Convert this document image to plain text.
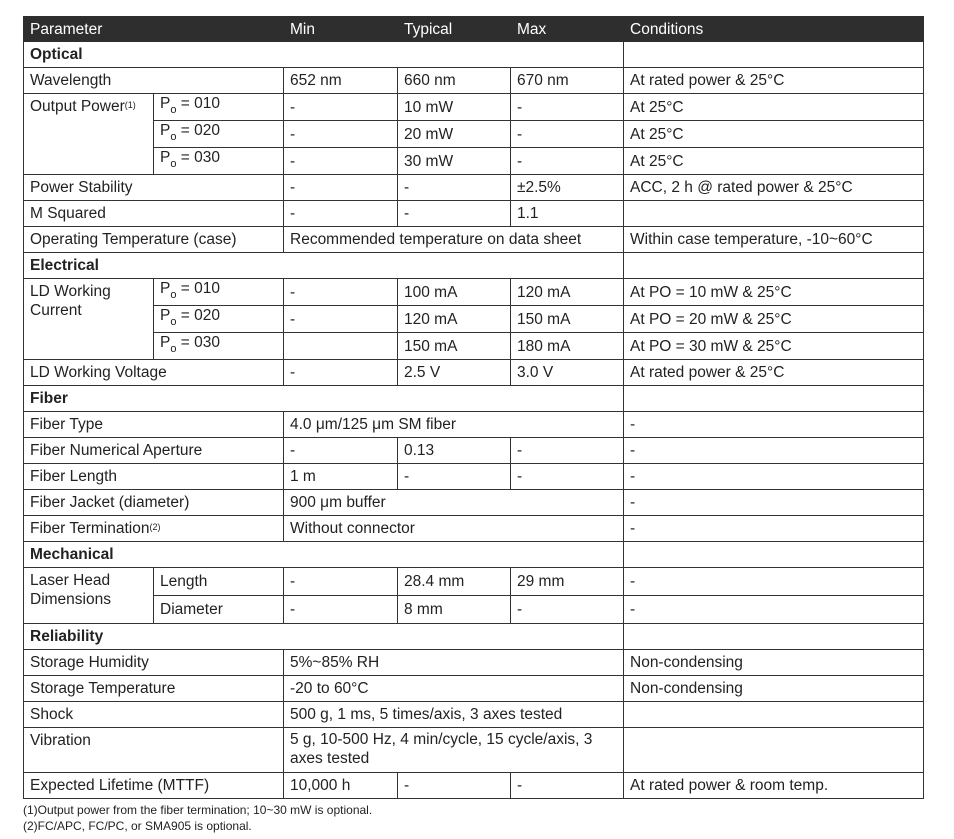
Parameter		Min	Typical	Max	Conditions
Optical					
Wavelength		652 nm	660 nm	670 nm	At rated power & 25°C
Output Power$^{(1)}$	$P_o = 010$	-	10 mW	-	At 25°C
	$P_o = 020$	-	20 mW	-	At 25°C
	$P_o = 030$	-	30 mW	-	At 25°C
Power Stability		-	-	±2.5%	ACC, 2 h @ rated power & 25°C
M Squared		-	-	1.1	
Operating Temperature (case)		Recommended temperature on data sheet			Within case temperature, -10~60°C
Electrical					
LD Working Current	$P_o = 010$	-	100 mA	120 mA	At PO = 10 mW & 25°C
	$P_o = 020$	-	120 mA	150 mA	At PO = 20 mW & 25°C
	$P_o = 030$		150 mA	180 mA	At PO = 30 mW & 25°C
LD Working Voltage		-	2.5 V	3.0 V	At rated power & 25°C
Fiber					
Fiber Type		4.0 μm/125 μm SM fiber			-
Fiber Numerical Aperture		-	0.13	-	-
Fiber Length		1 m	-	-	-
Fiber Jacket (diameter)		900 μm buffer			-
Fiber Termination$^{(2)}$		Without connector			-
Mechanical					
Laser Head Dimensions	Length	-	28.4 mm	29 mm	-
	Diameter	-	8 mm	-	-
Reliability					
Storage Humidity		5%~85% RH			Non-condensing
Storage Temperature		-20 to 60°C			Non-condensing
Shock		500 g, 1 ms, 5 times/axis, 3 axes tested			
Vibration		5 g, 10-500 Hz, 4 min/cycle, 15 cycle/axis, 3 axes tested			
Expected Lifetime (MTTF)		10,000 h	-	-	At rated power & room temp.
(1)Output power from the fiber termination; 10~30 mW is optional.
(2)FC/APC, FC/PC, or SMA905 is optional.
